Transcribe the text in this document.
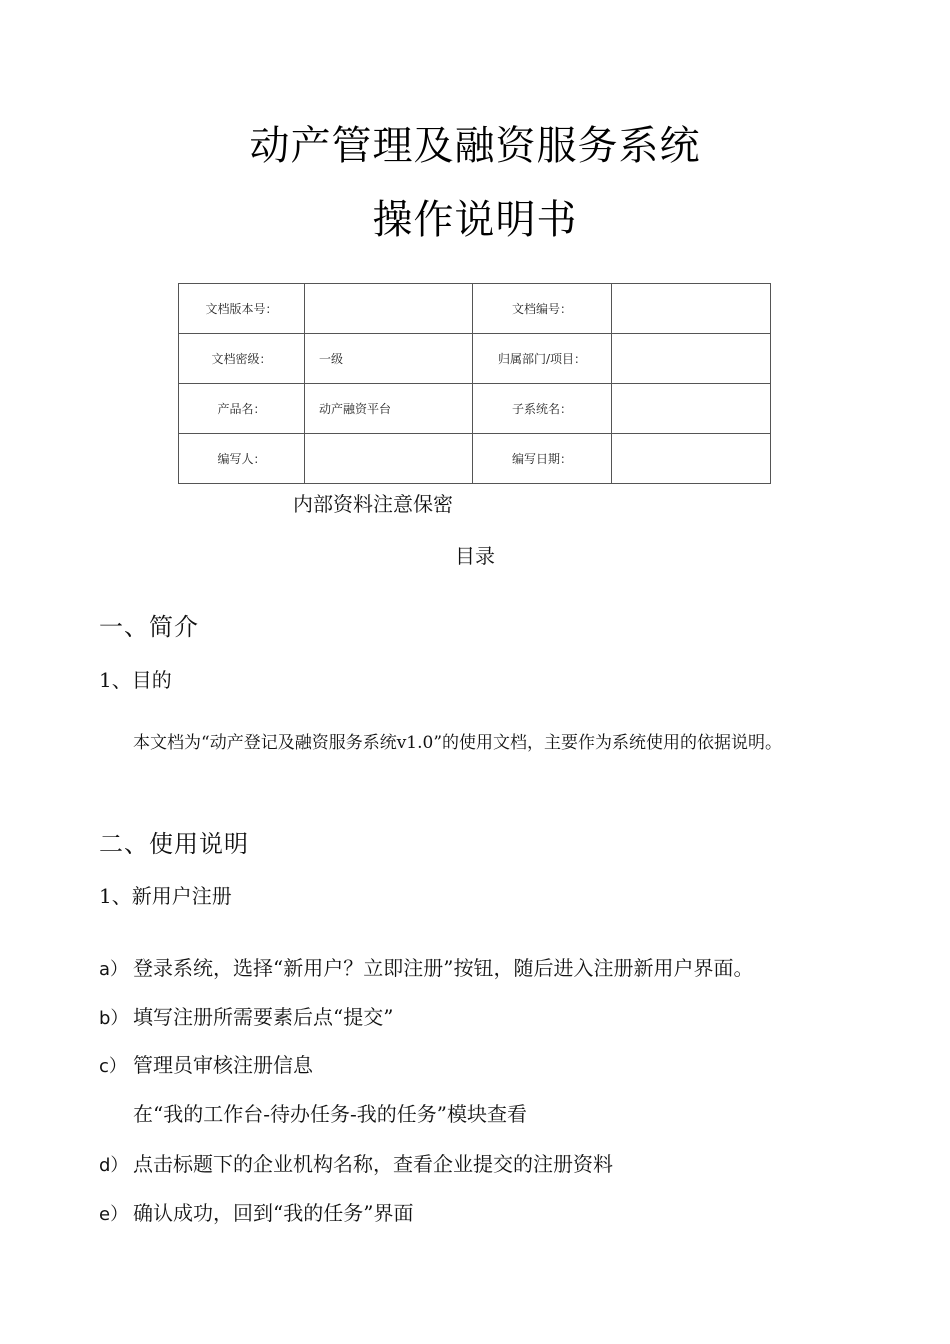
动产管理及融资服务系统
操作说明书
文档版本号：		文档编号：	
文档密级：	一级	归属部门/项目：	
产品名：	动产融资平台	子系统名：	
编写人：		编写日期：	
内部资料注意保密
目录
一、简介
1、目的
本文档为“动产登记及融资服务系统v1.0”的使用文档，主要作为系统使用的依据说明。
二、使用说明
1、新用户注册
a） 登录系统，选择“新用户？立即注册”按钮，随后进入注册新用户界面。
b） 填写注册所需要素后点“提交”
c） 管理员审核注册信息
在“我的工作台-待办任务-我的任务”模块查看
d） 点击标题下的企业机构名称，查看企业提交的注册资料
e） 确认成功，回到“我的任务”界面
